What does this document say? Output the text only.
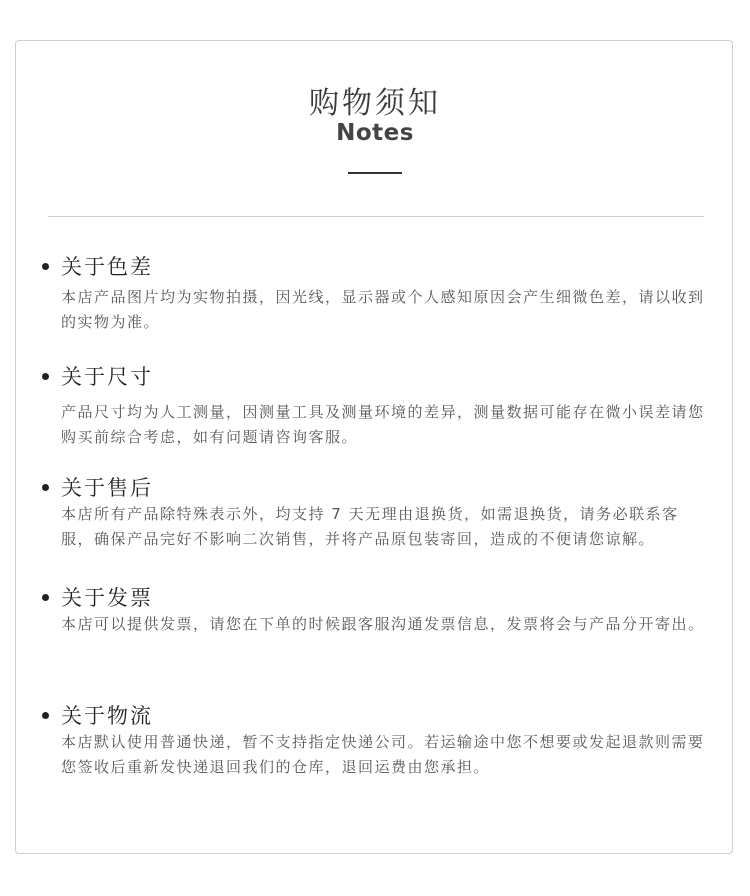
购物须知
Notes
关于色差

本店产品图片均为实物拍摄，因光线，显示器或个人感知原因会产生细微色差，请以收到的实物为准。

关于尺寸

产品尺寸均为人工测量，因测量工具及测量环境的差异，测量数据可能存在微小误差请您购买前综合考虑，如有问题请咨询客服。

关于售后

本店所有产品除特殊表示外，均支持 7 天无理由退换货，如需退换货，请务必联系客服，确保产品完好不影响二次销售，并将产品原包装寄回，造成的不便请您谅解。

关于发票

本店可以提供发票，请您在下单的时候跟客服沟通发票信息，发票将会与产品分开寄出。

关于物流

本店默认使用普通快递，暂不支持指定快递公司。若运输途中您不想要或发起退款则需要您签收后重新发快递退回我们的仓库，退回运费由您承担。
